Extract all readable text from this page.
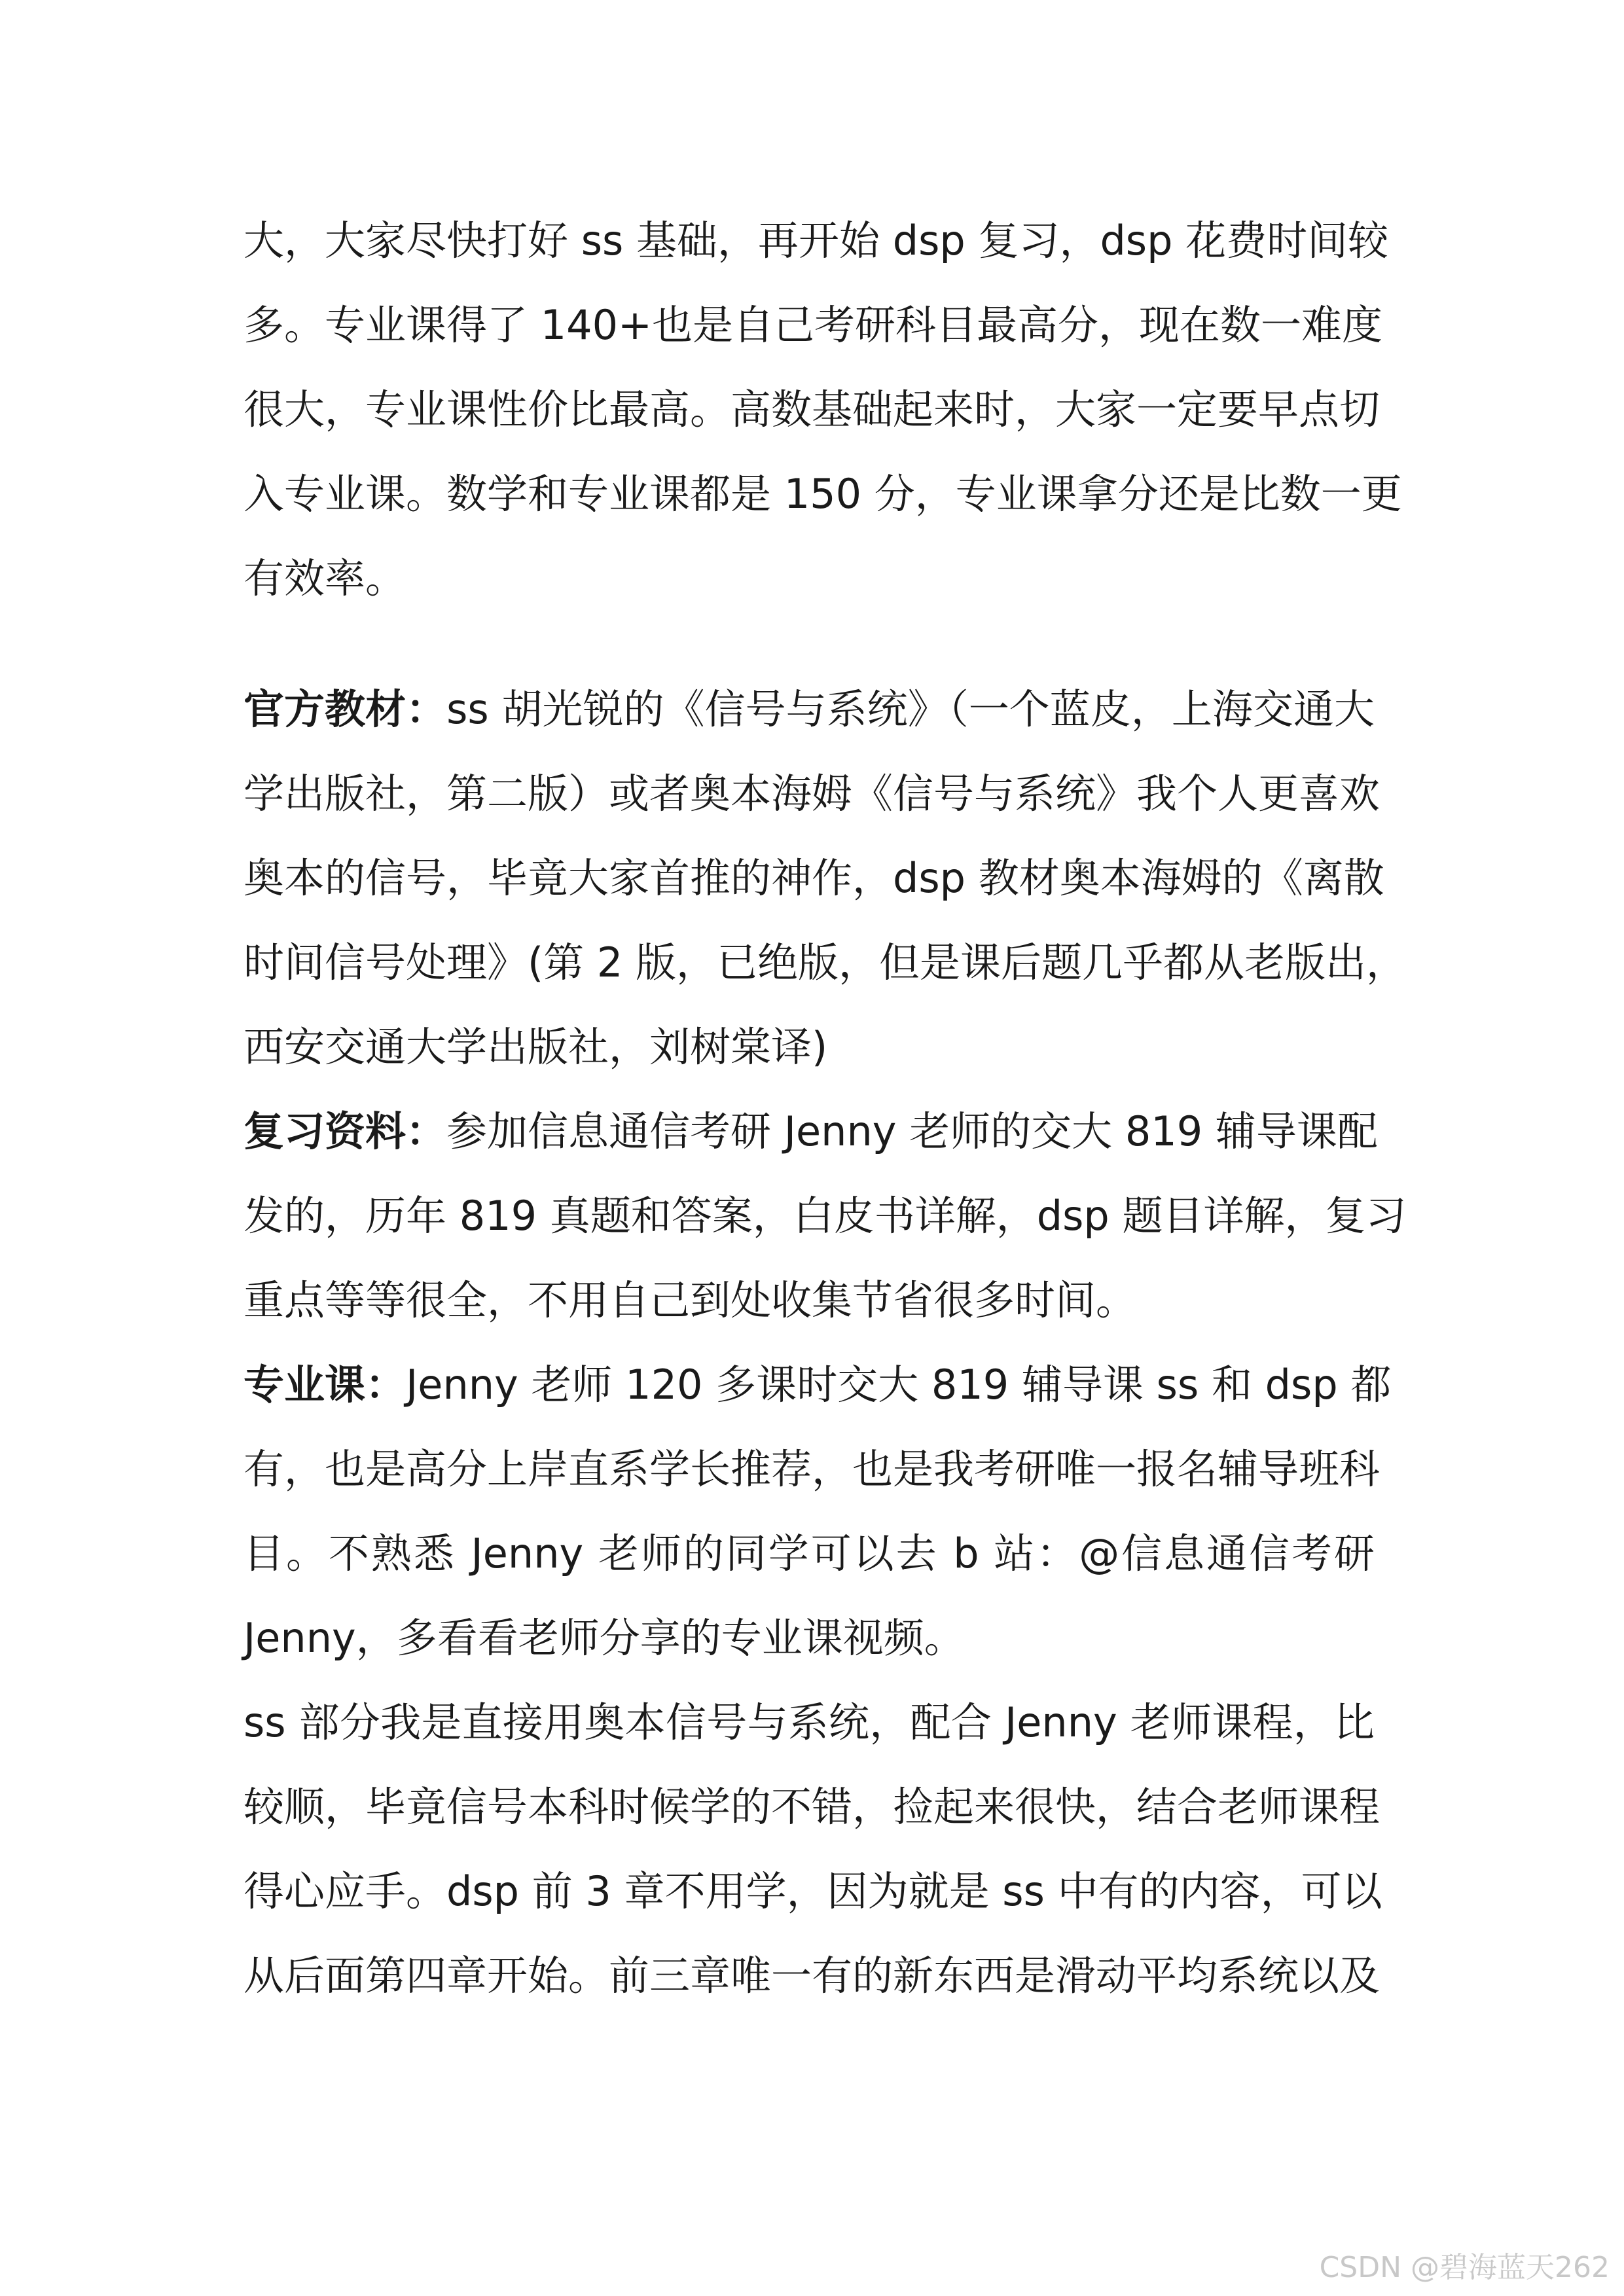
大，大家尽快打好 ss 基础，再开始 dsp 复习，dsp 花费时间较
多。专业课得了 140+也是自己考研科目最高分，现在数一难度
很大，专业课性价比最高。高数基础起来时，大家一定要早点切
入专业课。数学和专业课都是 150 分，专业课拿分还是比数一更
有效率。
官方教材：ss 胡光锐的《信号与系统》（一个蓝皮，上海交通大
学出版社，第二版）或者奥本海姆《信号与系统》我个人更喜欢
奥本的信号，毕竟大家首推的神作，dsp 教材奥本海姆的《离散
时间信号处理》(第 2 版，已绝版，但是课后题几乎都从老版出，
西安交通大学出版社，刘树棠译)
复习资料：参加信息通信考研 Jenny 老师的交大 819 辅导课配
发的，历年 819 真题和答案，白皮书详解，dsp 题目详解，复习
重点等等很全，不用自己到处收集节省很多时间。
专业课：Jenny 老师 120 多课时交大 819 辅导课 ss 和 dsp 都
有，也是高分上岸直系学长推荐，也是我考研唯一报名辅导班科
目。不熟悉 Jenny 老师的同学可以去 b 站：@信息通信考研
Jenny，多看看老师分享的专业课视频。
ss 部分我是直接用奥本信号与系统，配合 Jenny 老师课程，比
较顺，毕竟信号本科时候学的不错，捡起来很快，结合老师课程
得心应手。dsp 前 3 章不用学，因为就是 ss 中有的内容，可以
从后面第四章开始。前三章唯一有的新东西是滑动平均系统以及
CSDN @碧海蓝天262
